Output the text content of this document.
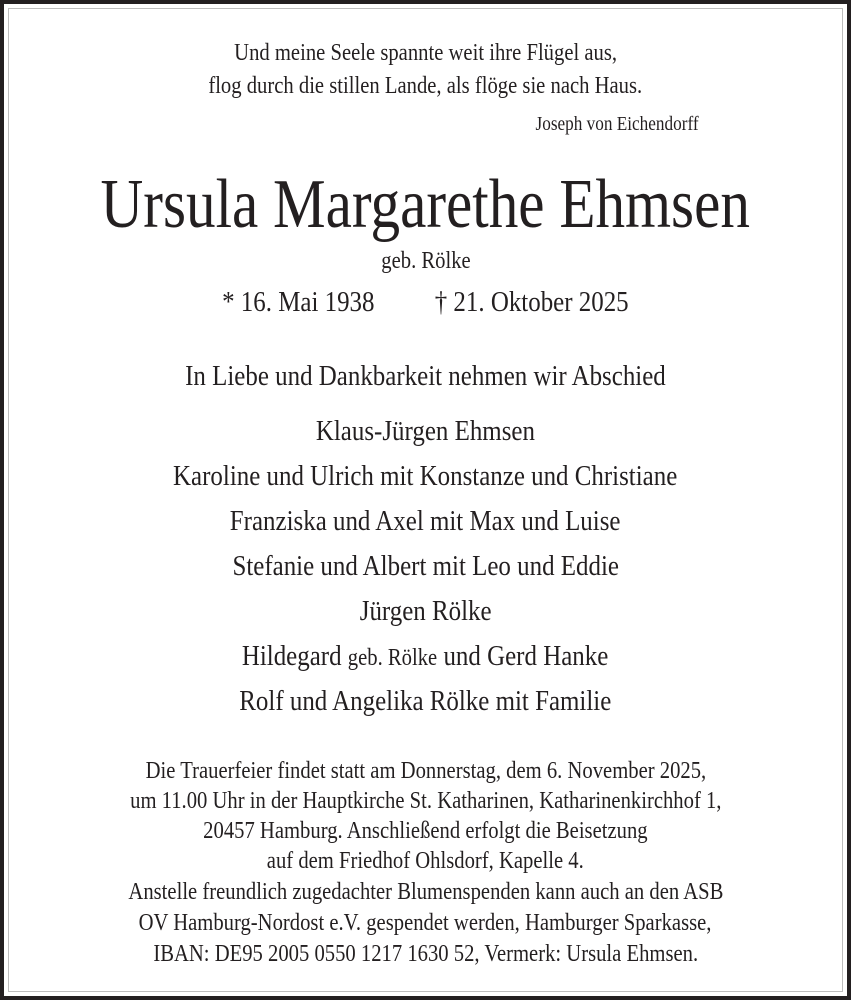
Und meine Seele spannte weit ihre Flügel aus,
flog durch die stillen Lande, als flöge sie nach Haus.
Joseph von Eichendorff
Ursula Margarethe Ehmsen
geb. Rölke
* 16. Mai 1938 † 21. Oktober 2025
In Liebe und Dankbarkeit nehmen wir Abschied
Klaus-Jürgen Ehmsen
Karoline und Ulrich mit Konstanze und Christiane
Franziska und Axel mit Max und Luise
Stefanie und Albert mit Leo und Eddie
Jürgen Rölke
Hildegard geb. Rölke und Gerd Hanke
Rolf und Angelika Rölke mit Familie
Die Trauerfeier findet statt am Donnerstag, dem 6. November 2025,
um 11.00 Uhr in der Hauptkirche St. Katharinen, Katharinenkirchhof 1,
20457 Hamburg. Anschließend erfolgt die Beisetzung
auf dem Friedhof Ohlsdorf, Kapelle 4.
Anstelle freundlich zugedachter Blumenspenden kann auch an den ASB
OV Hamburg-Nordost e.V. gespendet werden, Hamburger Sparkasse,
IBAN: DE95 2005 0550 1217 1630 52, Vermerk: Ursula Ehmsen.
